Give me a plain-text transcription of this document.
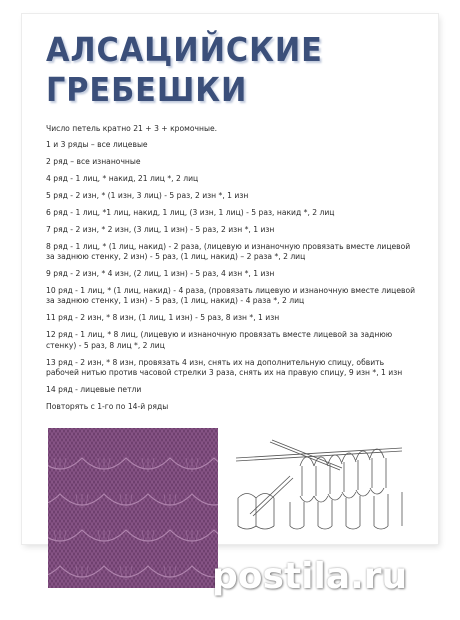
АЛСАЦИЙСКИЕ
ГРЕБЕШКИ

Число петель кратно 21 + 3 + кромочные.

1 и 3 ряды – все лицевые

2 ряд – все изнаночные

4 ряд - 1 лиц, * накид, 21 лиц *, 2 лиц

5 ряд - 2 изн, * (1 изн, 3 лиц) - 5 раз, 2 изн *, 1 изн

6 ряд - 1 лиц, *1 лиц, накид, 1 лиц, (3 изн, 1 лиц) - 5 раз, накид *, 2 лиц

7 ряд - 2 изн, * 2 изн, (3 лиц, 1 изн) - 5 раз, 2 изн *, 1 изн

8 ряд - 1 лиц, * (1 лиц, накид) - 2 раза, (лицевую и изнаночную провязать вместе лицевой за заднюю стенку, 2 изн) - 5 раз, (1 лиц, накид) – 2 раза *, 2 лиц

9 ряд - 2 изн, * 4 изн, (2 лиц, 1 изн) - 5 раз, 4 изн *, 1 изн

10 ряд - 1 лиц, * (1 лиц, накид) - 4 раза, (провязать лицевую и изнаночную вместе лицевой за заднюю стенку, 1 изн) - 5 раз, (1 лиц, накид) - 4 раза *, 2 лиц

11 ряд - 2 изн, * 8 изн, (1 лиц, 1 изн) - 5 раз, 8 изн *, 1 изн

12 ряд - 1 лиц, * 8 лиц, (лицевую и изнаночную провязать вместе лицевой за заднюю стенку) - 5 раз, 8 лиц *, 2 лиц

13 ряд - 2 изн, * 8 изн, провязать 4 изн, снять их на дополнительную спицу, обвить рабочей нитью против часовой стрелки 3 раза, снять их на правую спицу, 9 изн *, 1 изн

14 ряд - лицевые петли

Повторять с 1-го по 14-й ряды

postila.ru
